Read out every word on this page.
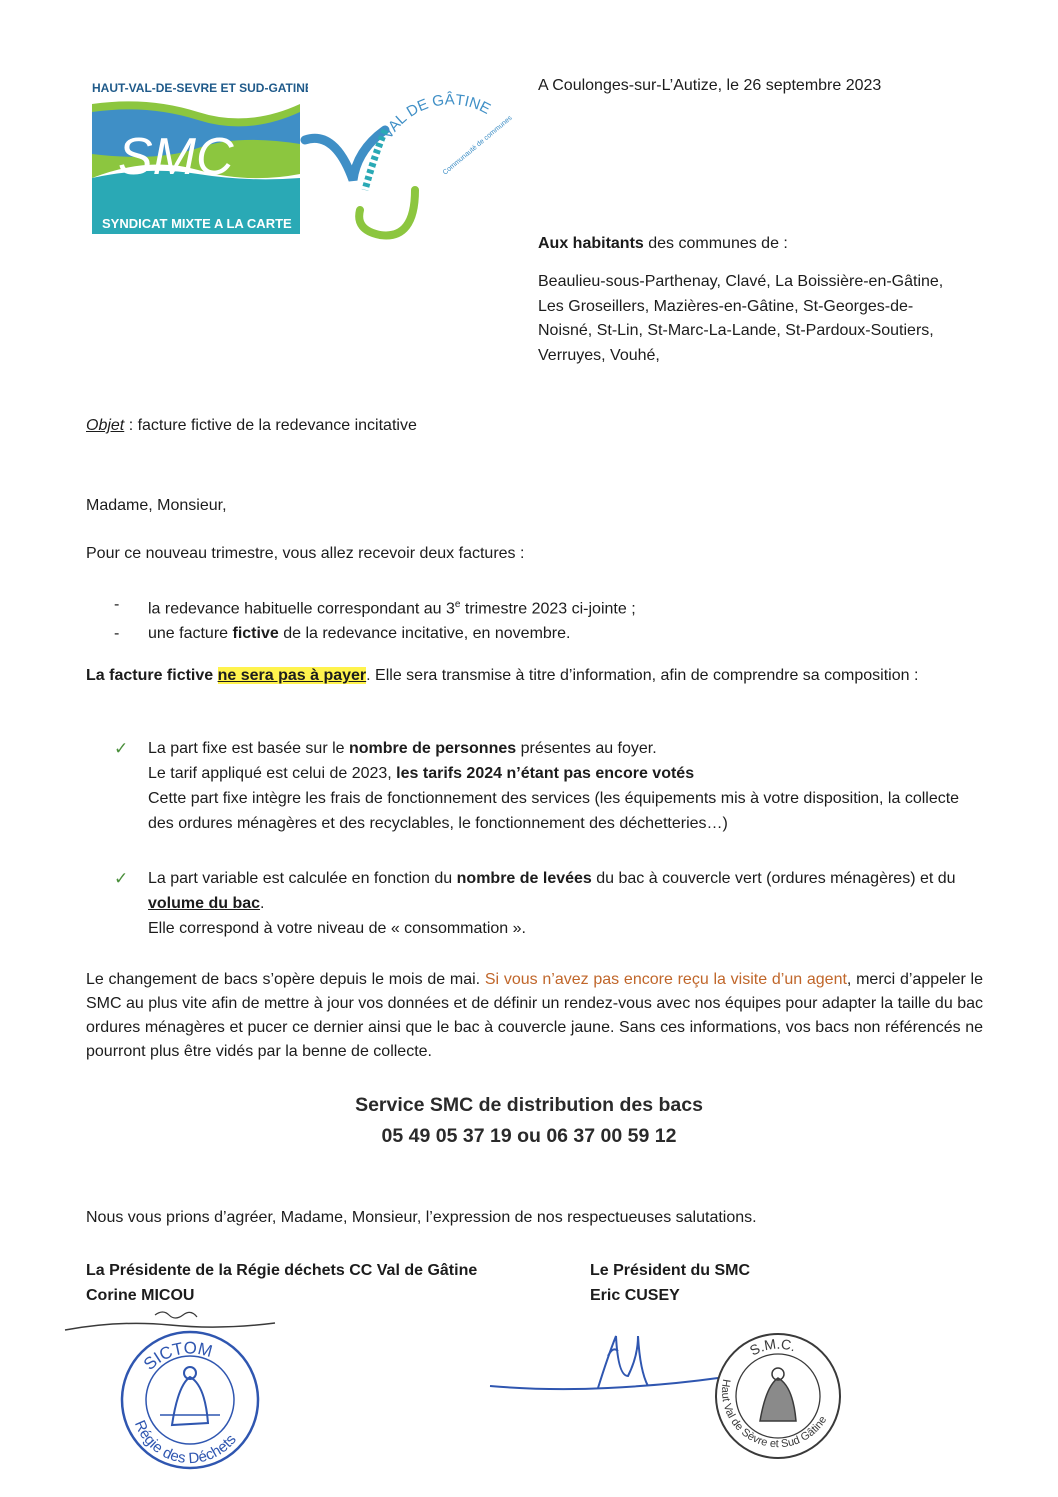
HAUT-VAL-DE-SEVRE ET SUD-GATINE
SMC
SYNDICAT MIXTE A LA CARTE
VAL DE GÂTINE
Communauté de communes
A Coulonges-sur-L’Autize, le 26 septembre 2023
Aux habitants des communes de :
Beaulieu-sous-Parthenay, Clavé, La Boissière-en-Gâtine,
Les Groseillers, Mazières-en-Gâtine, St-Georges-de-
Noisné, St-Lin, St-Marc-La-Lande, St-Pardoux-Soutiers,
Verruyes, Vouhé,
Objet : facture fictive de la redevance incitative
Madame, Monsieur,
Pour ce nouveau trimestre, vous allez recevoir deux factures :
- la redevance habituelle correspondant au 3e trimestre 2023 ci-jointe ;
- une facture fictive de la redevance incitative, en novembre.
La facture fictive ne sera pas à payer. Elle sera transmise à titre d’information, afin de comprendre sa composition :
✓ La part fixe est basée sur le nombre de personnes présentes au foyer.
Le tarif appliqué est celui de 2023, les tarifs 2024 n’étant pas encore votés
Cette part fixe intègre les frais de fonctionnement des services (les équipements mis à votre disposition, la collecte des ordures ménagères et des recyclables, le fonctionnement des déchetteries…)
✓ La part variable est calculée en fonction du nombre de levées du bac à couvercle vert (ordures ménagères) et du volume du bac.
Elle correspond à votre niveau de « consommation ».
Le changement de bacs s’opère depuis le mois de mai. Si vous n’avez pas encore reçu la visite d’un agent, merci d’appeler le SMC au plus vite afin de mettre à jour vos données et de définir un rendez-vous avec nos équipes pour adapter la taille du bac ordures ménagères et pucer ce dernier ainsi que le bac à couvercle jaune. Sans ces informations, vos bacs non référencés ne pourront plus être vidés par la benne de collecte.
Service SMC de distribution des bacs
05 49 05 37 19 ou 06 37 00 59 12
Nous vous prions d’agréer, Madame, Monsieur, l’expression de nos respectueuses salutations.
La Présidente de la Régie déchets CC Val de Gâtine
Corine MICOU
Le Président du SMC
Eric CUSEY
SICTOM
Régie des Déchets
S.M.C.
Haut Val de Sèvre et Sud Gâtine
